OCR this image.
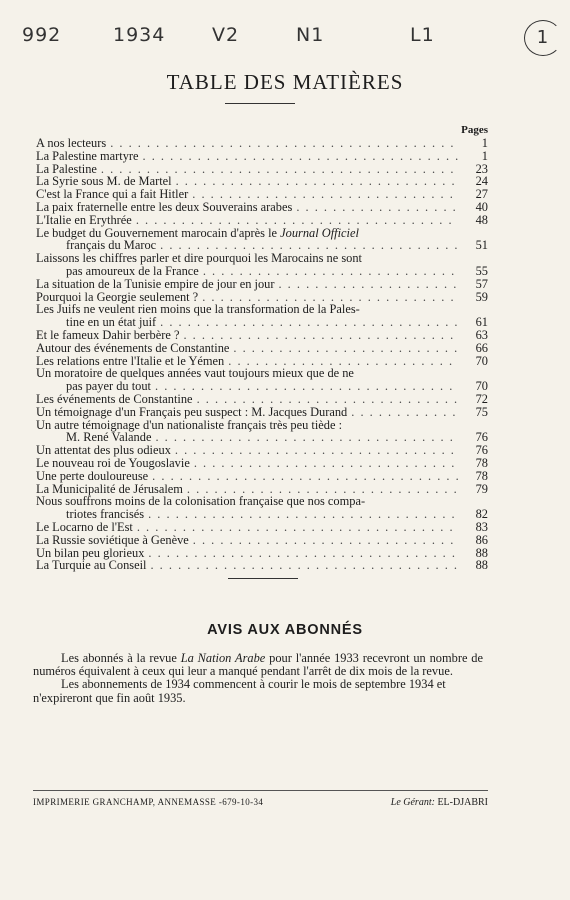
992	1934 V2	N1	L1	1
TABLE DES MATIÈRES
Pages
A nos lecteurs . . .	1
La Palestine martyre . . .	1
La Palestine . . .	23
La Syrie sous M. de Martel . . .	24
C'est la France qui a fait Hitler . . .	27
La paix fraternelle entre les deux Souverains arabes . . .	40
L'Italie en Erythrée . . .	48
Le budget du Gouvernement marocain d'après le
Journal Officiel
français du Maroc . . .	51
Laissons les chiffres parler et dire pourquoi les Marocains ne sont
pas amoureux de la France . . .	55
La situation de la Tunisie empire de jour en jour . . .	57
Pourquoi la Georgie seulement ? . . .	59
Les Juifs ne veulent rien moins que la transformation de la Pales-
tine en un état juif . . .	61
Et le fameux Dahir berbère ? . . .	63
Autour des événements de Constantine . . .	66
Les relations entre l'Italie et le Yémen . . .	70
Un moratoire de quelques années vaut toujours mieux que de ne
pas payer du tout . . .	70
Les événements de Constantine . . .	72
Un témoignage d'un Français peu suspect : M. Jacques Durand . . .	75
Un autre témoignage d'un nationaliste français très peu tiède :
M. René Valande . . .	76
Un attentat des plus odieux . . .	76
Le nouveau roi de Yougoslavie . . .	78
Une perte douloureuse . . .	78
La Municipalité de Jérusalem . . .	79
Nous souffrons moins de la colonisation française que nos compa-
triotes francisés . . .	82
Le Locarno de l'Est . . .	83
La Russie soviétique à Genève . . .	86
Un bilan peu glorieux . . .	88
La Turquie au Conseil . . .	88
AVIS AUX ABONNÉS

Les abonnés à la revue La Nation Arabe pour l'année 1933 recevront un nombre de numéros équivalent à ceux qui leur a manqué pendant l'arrêt de dix mois de la revue.

Les abonnements de 1934 commencent à courir le mois de septembre 1934 et n'expireront que fin août 1935.

IMPRIMERIE GRANCHAMP, ANNEMASSE -679-10-34	Le Gérant: EL-DJABRI
